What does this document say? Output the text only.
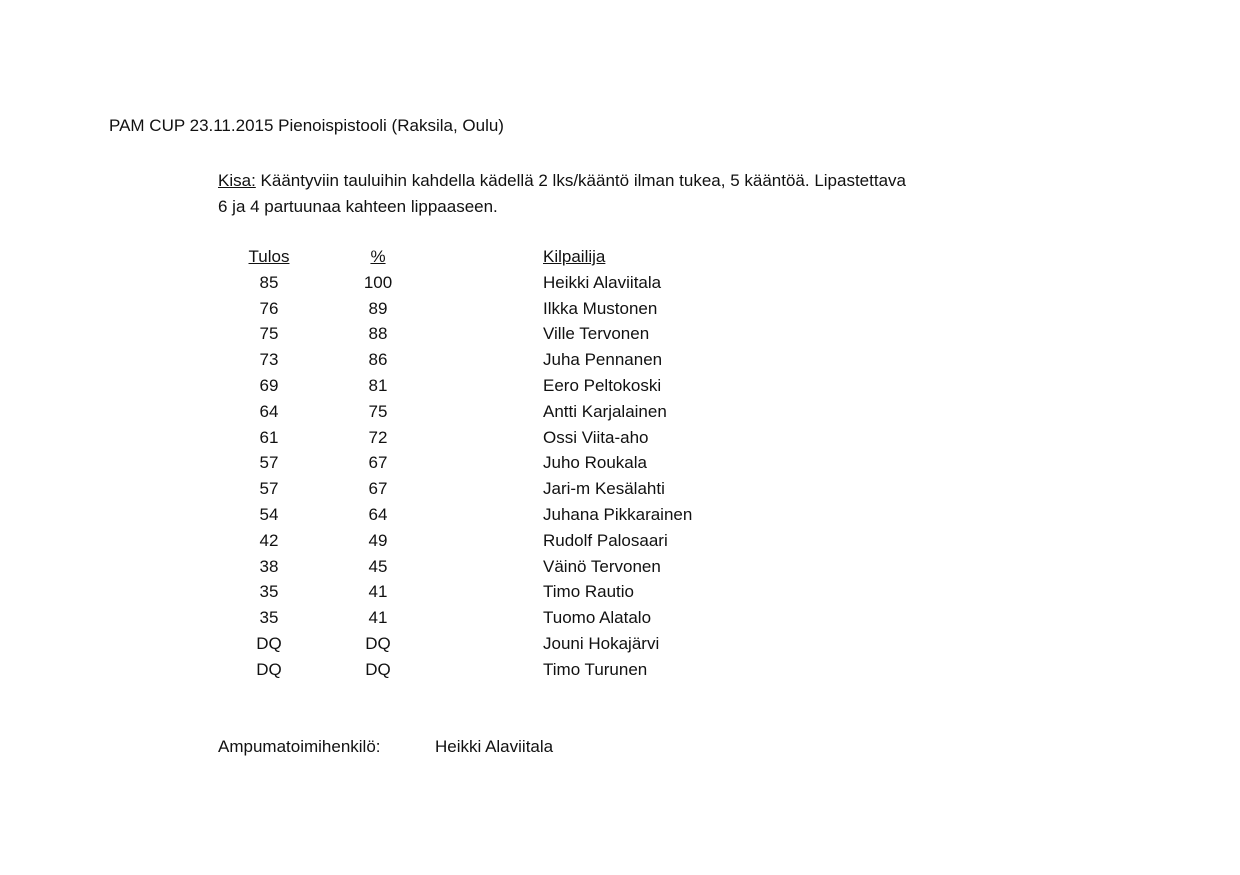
PAM CUP 23.11.2015 Pienoispistooli (Raksila, Oulu)
Kisa: Kääntyviin tauluihin kahdella kädellä 2 lks/kääntö ilman tukea, 5 kääntöä. Lipastettava
6 ja 4 partuunaa kahteen lippaaseen.
Tulos	%	Kilpailija
85	100	Heikki Alaviitala
76	89	Ilkka Mustonen
75	88	Ville Tervonen
73	86	Juha Pennanen
69	81	Eero Peltokoski
64	75	Antti Karjalainen
61	72	Ossi Viita-aho
57	67	Juho Roukala
57	67	Jari-m Kesälahti
54	64	Juhana Pikkarainen
42	49	Rudolf Palosaari
38	45	Väinö Tervonen
35	41	Timo Rautio
35	41	Tuomo Alatalo
DQ	DQ	Jouni Hokajärvi
DQ	DQ	Timo Turunen
Ampumatoimihenkilö:	Heikki Alaviitala
